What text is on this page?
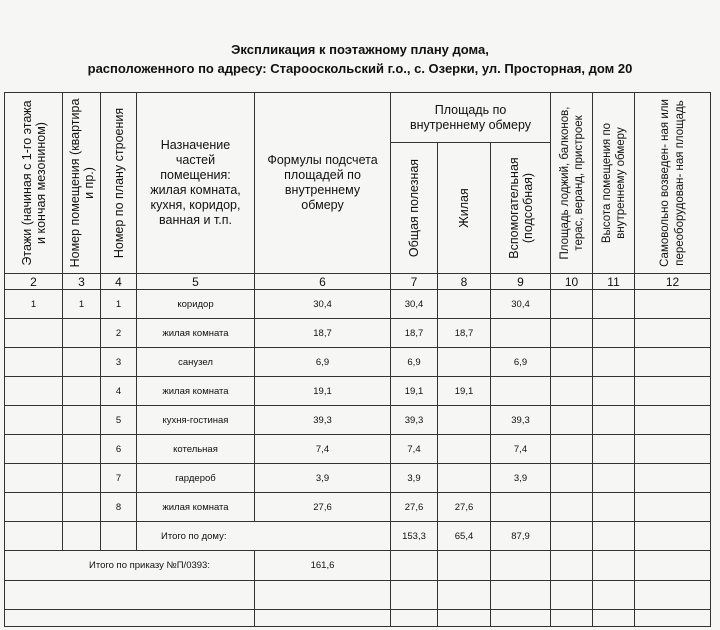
Экспликация к поэтажному плану дома,
расположенного по адресу: Старооскольский г.о., с. Озерки, ул. Просторная, дом 20
Этажи (начиная с 1-го этажа и кончая мезонином)	Номер помещения (квартира и пр.)	Номер по плану строения	Назначение частей помещения: жилая комната, кухня, коридор, ванная и т.п.	Формулы подсчета площадей по внутреннему обмеру	Площадь по внутреннему обмеру			Площадь лоджий, балконов, терас, веранд, пристроек	Высота помещения по внутреннему обмеру	Самовольно возведен- ная или переоборудован- ная площадь

					Общая полезная	Жилая	Вспомогательная (подсобная)			

2	3	4	5	6	7	8	9	10	11	12
1	1	1	коридор	30,4	30,4		30,4			
		2	жилая комната	18,7	18,7	18,7				
		3	санузел	6,9	6,9		6,9			
		4	жилая комната	19,1	19,1	19,1				
		5	кухня-гостиная	39,3	39,3		39,3			
		6	котельная	7,4	7,4		7,4			
		7	гардероб	3,9	3,9		3,9			
		8	жилая комната	27,6	27,6	27,6				
			Итого по дому:		153,3	65,4	87,9			
Итого по приказу №П/0393:				161,6						
